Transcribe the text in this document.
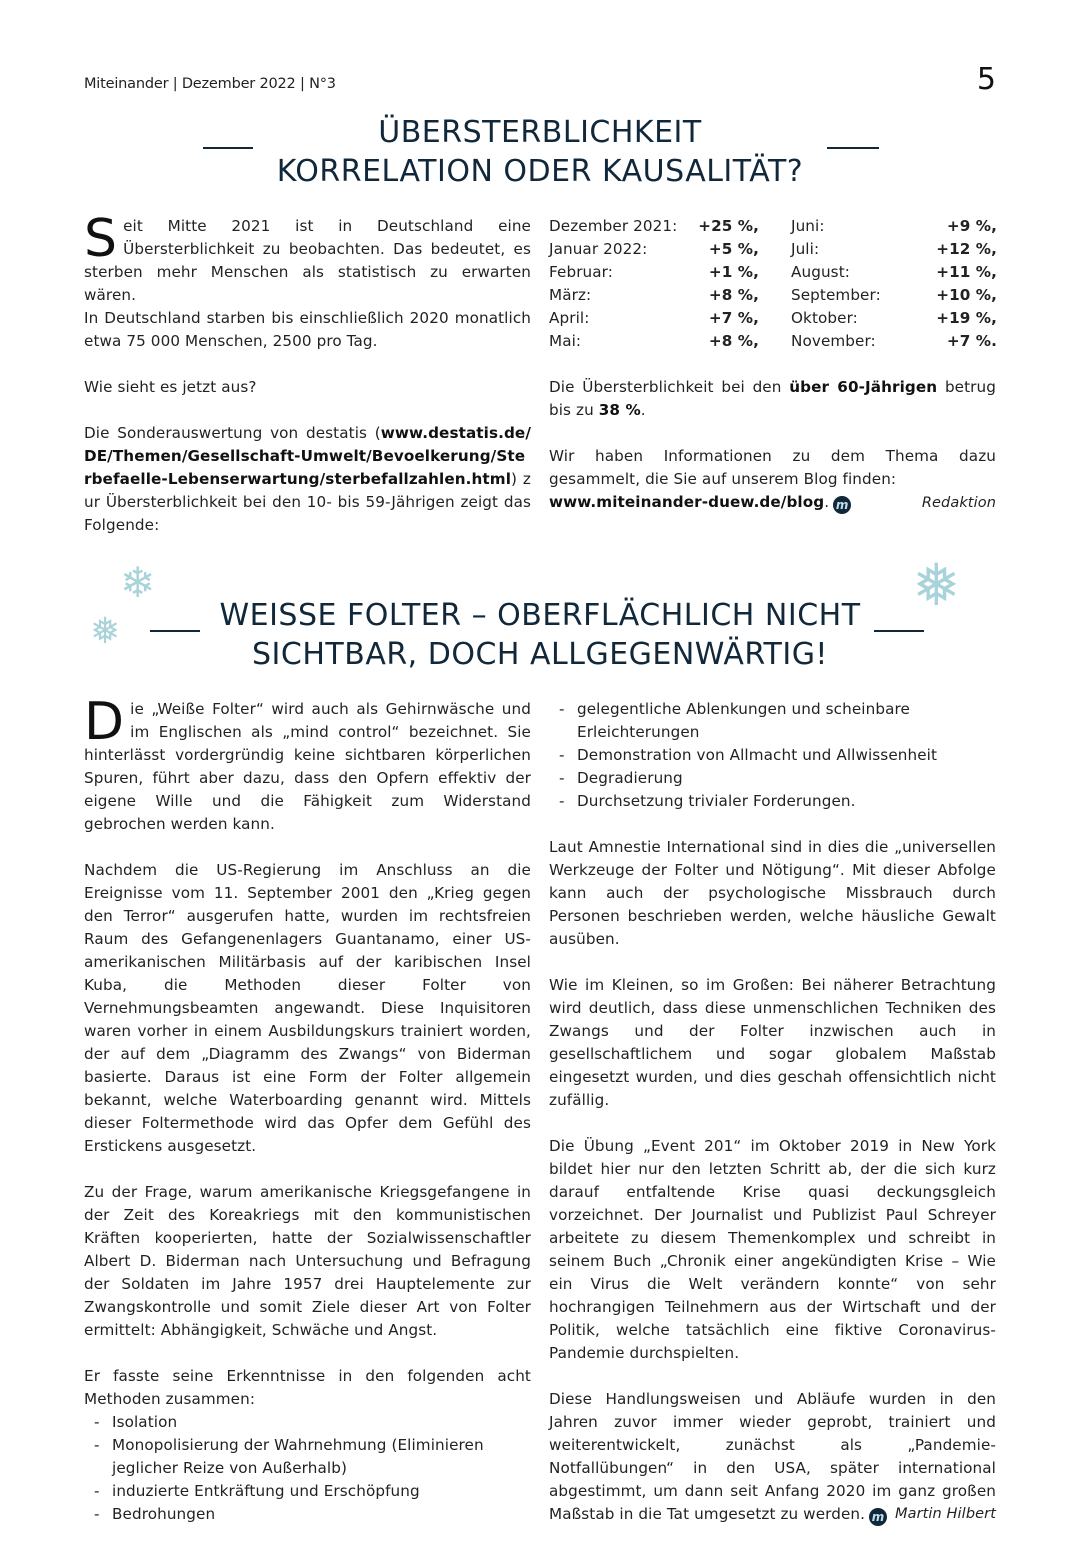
Miteinander | Dezember 2022 | N°3	5
ÜBERSTERBLICHKEIT
KORRELATION ODER KAUSALITÄT?

Seit Mitte 2021 ist in Deutschland eine Übersterblichkeit zu beobachten. Das bedeutet, es sterben mehr Menschen als statistisch zu erwarten wären.
In Deutschland starben bis einschließlich 2020 monatlich etwa 75 000 Menschen, 2500 pro Tag.

Wie sieht es jetzt aus?

Die Sonderauswertung von destatis (www.destatis.de/DE/Themen/Gesellschaft-Umwelt/Bevoelkerung/Sterbefaelle-Lebenserwartung/sterbefallzahlen.html) zur Übersterblichkeit bei den 10- bis 59-Jährigen zeigt das Folgende:

Dezember 2021:	+25 %, Juni:	+9 %,
Januar 2022:	+5 %, Juli:	+12 %,
Februar:	+1 %, August:	+11 %,
März:	+8 %, September:	+10 %,
April:	+7 %, Oktober:	+19 %,
Mai:	+8 %, November:	+7 %.

Die Übersterblichkeit bei den über 60-Jährigen betrug bis zu 38 %.

Wir haben Informationen zu dem Thema dazu gesammelt, die Sie auf unserem Blog finden:

www.miteinander-duew.de/blog. m	Redaktion
❄
❅
❅
WEISSE FOLTER – OBERFLÄCHLICH NICHT
SICHTBAR, DOCH ALLGEGENWÄRTIG!

Die „Weiße Folter“ wird auch als Gehirnwäsche und im Englischen als „mind control“ bezeichnet. Sie hinterlässt vordergründig keine sichtbaren körperlichen Spuren, führt aber dazu, dass den Opfern effektiv der eigene Wille und die Fähigkeit zum Widerstand gebrochen werden kann.

Nachdem die US-Regierung im Anschluss an die Ereignisse vom 11. September 2001 den „Krieg gegen den Terror“ ausgerufen hatte, wurden im rechtsfreien Raum des Gefangenenlagers Guantanamo, einer US-amerikanischen Militärbasis auf der karibischen Insel Kuba, die Methoden dieser Folter von Vernehmungsbeamten angewandt. Diese Inquisitoren waren vorher in einem Ausbildungskurs trainiert worden, der auf dem „Diagramm des Zwangs“ von Biderman basierte. Daraus ist eine Form der Folter allgemein bekannt, welche Waterboarding genannt wird. Mittels dieser Foltermethode wird das Opfer dem Gefühl des Erstickens ausgesetzt.

Zu der Frage, warum amerikanische Kriegsgefangene in der Zeit des Koreakriegs mit den kommunistischen Kräften kooperierten, hatte der Sozialwissenschaftler Albert D. Biderman nach Untersuchung und Befragung der Soldaten im Jahre 1957 drei Hauptelemente zur Zwangskontrolle und somit Ziele dieser Art von Folter ermittelt: Abhängigkeit, Schwäche und Angst.

Er fasste seine Erkenntnisse in den folgenden acht Methoden zusammen:

- Isolation
- Monopolisierung der Wahrnehmung (Eliminieren jeglicher Reize von Außerhalb)
- induzierte Entkräftung und Erschöpfung
- Bedrohungen
- gelegentliche Ablenkungen und scheinbare Erleichterungen
- Demonstration von Allmacht und Allwissenheit
- Degradierung
- Durchsetzung trivialer Forderungen.

Laut Amnestie International sind in dies die „universellen Werkzeuge der Folter und Nötigung“. Mit dieser Abfolge kann auch der psychologische Missbrauch durch Personen beschrieben werden, welche häusliche Gewalt ausüben.

Wie im Kleinen, so im Großen: Bei näherer Betrachtung wird deutlich, dass diese unmenschlichen Techniken des Zwangs und der Folter inzwischen auch in gesellschaftlichem und sogar globalem Maßstab eingesetzt wurden, und dies geschah offensichtlich nicht zufällig.

Die Übung „Event 201“ im Oktober 2019 in New York bildet hier nur den letzten Schritt ab, der die sich kurz darauf entfaltende Krise quasi deckungsgleich vorzeichnet. Der Journalist und Publizist Paul Schreyer arbeitete zu diesem Themenkomplex und schreibt in seinem Buch „Chronik einer angekündigten Krise – Wie ein Virus die Welt verändern konnte“ von sehr hochrangigen Teilnehmern aus der Wirtschaft und der Politik, welche tatsächlich eine fiktive Coronavirus-Pandemie durchspielten.

Diese Handlungsweisen und Abläufe wurden in den Jahren zuvor immer wieder geprobt, trainiert und weiterentwickelt, zunächst als „Pandemie-Notfallübungen“ in den USA, später international abgestimmt, um dann seit Anfang 2020 im ganz großen Maßstab in die Tat umgesetzt zu werden. m Martin Hilbert
